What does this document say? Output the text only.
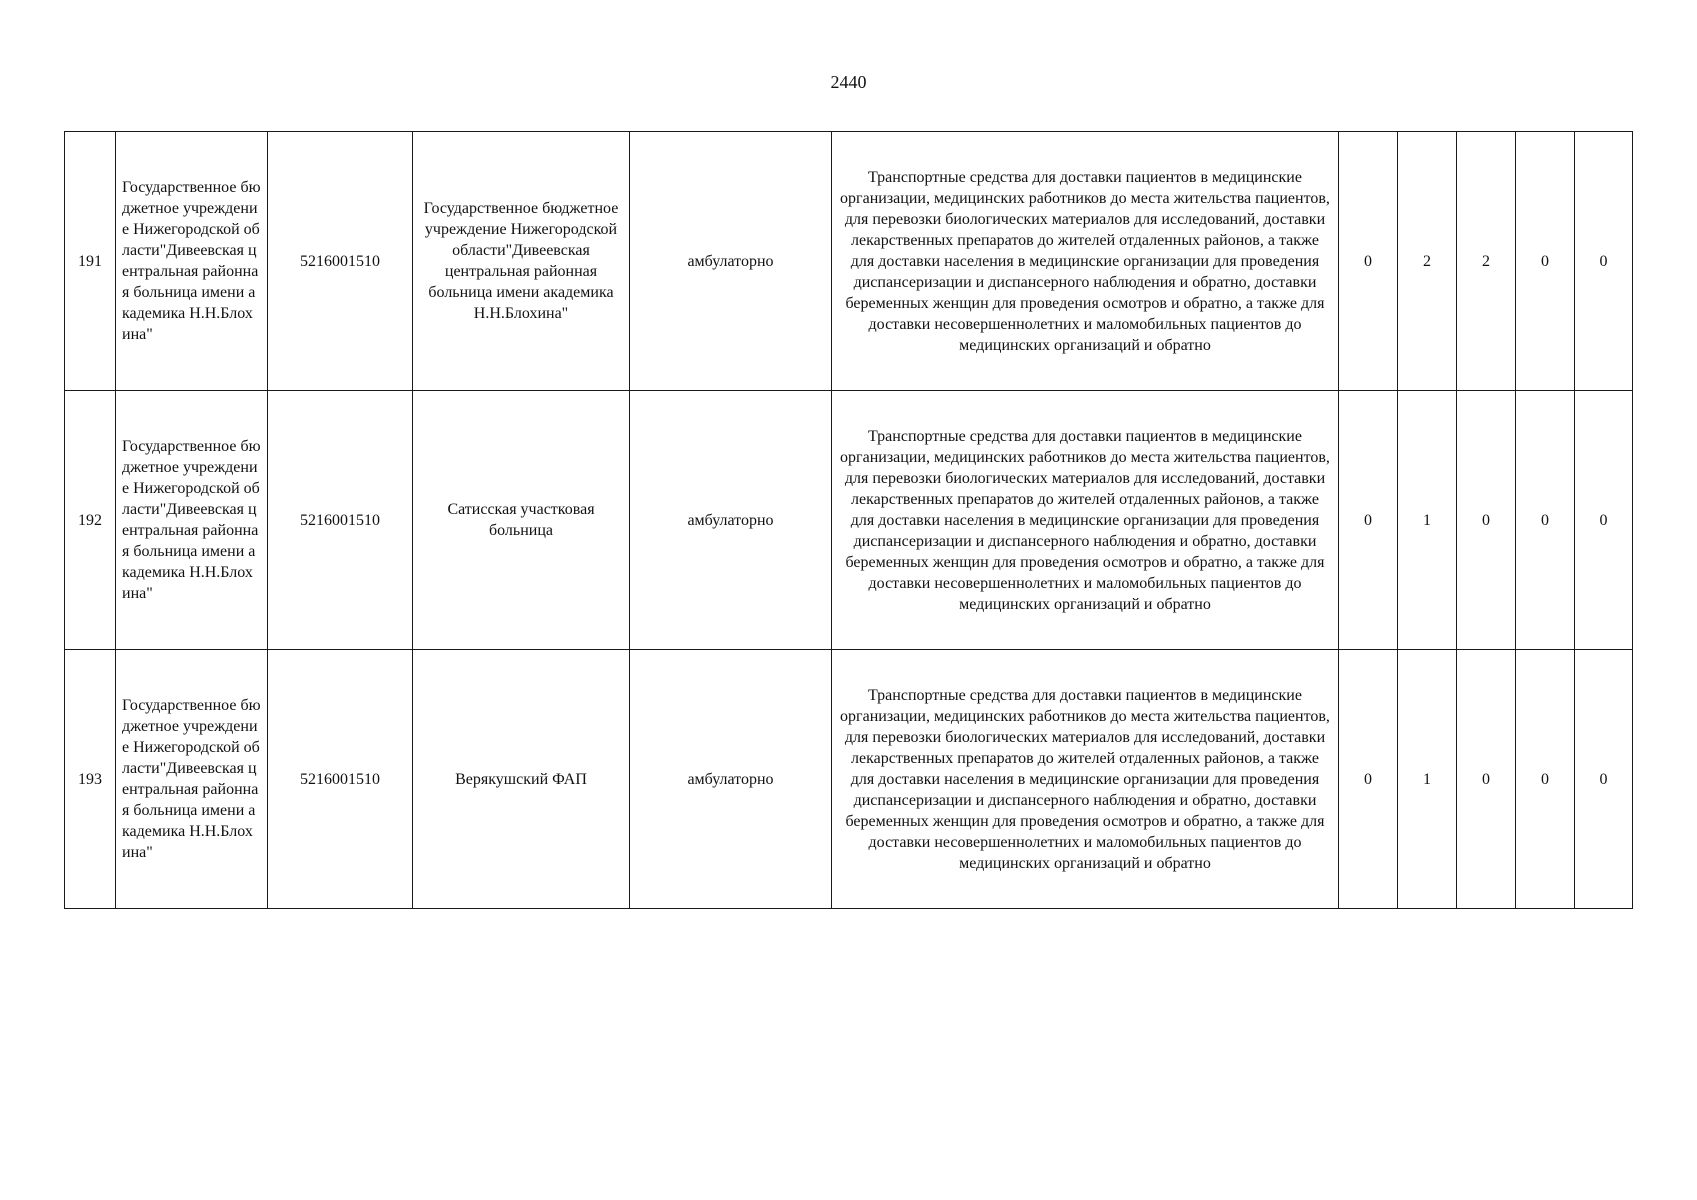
2440
191	Государственное бюджетное учреждение Нижегородской области"Дивеевская центральная районная больница имени академика Н.Н.Блохина"	5216001510	Государственное бюджетное учреждение Нижегородской области"Дивеевская центральная районная больница имени академика Н.Н.Блохина"	амбулаторно	Транспортные средства для доставки пациентов в медицинские организации, медицинских работников до места жительства пациентов, для перевозки биологических материалов для исследований, доставки лекарственных препаратов до жителей отдаленных районов, а также для доставки населения в медицинские организации для проведения диспансеризации и диспансерного наблюдения и обратно, доставки беременных женщин для проведения осмотров и обратно, а также для доставки несовершеннолетних и маломобильных пациентов до медицинских организаций и обратно	0	2	2	0	0
192	Государственное бюджетное учреждение Нижегородской области"Дивеевская центральная районная больница имени академика Н.Н.Блохина"	5216001510	Сатисская участковая больница	амбулаторно	Транспортные средства для доставки пациентов в медицинские организации, медицинских работников до места жительства пациентов, для перевозки биологических материалов для исследований, доставки лекарственных препаратов до жителей отдаленных районов, а также для доставки населения в медицинские организации для проведения диспансеризации и диспансерного наблюдения и обратно, доставки беременных женщин для проведения осмотров и обратно, а также для доставки несовершеннолетних и маломобильных пациентов до медицинских организаций и обратно	0	1	0	0	0
193	Государственное бюджетное учреждение Нижегородской области"Дивеевская центральная районная больница имени академика Н.Н.Блохина"	5216001510	Верякушский ФАП	амбулаторно	Транспортные средства для доставки пациентов в медицинские организации, медицинских работников до места жительства пациентов, для перевозки биологических материалов для исследований, доставки лекарственных препаратов до жителей отдаленных районов, а также для доставки населения в медицинские организации для проведения диспансеризации и диспансерного наблюдения и обратно, доставки беременных женщин для проведения осмотров и обратно, а также для доставки несовершеннолетних и маломобильных пациентов до медицинских организаций и обратно	0	1	0	0	0
